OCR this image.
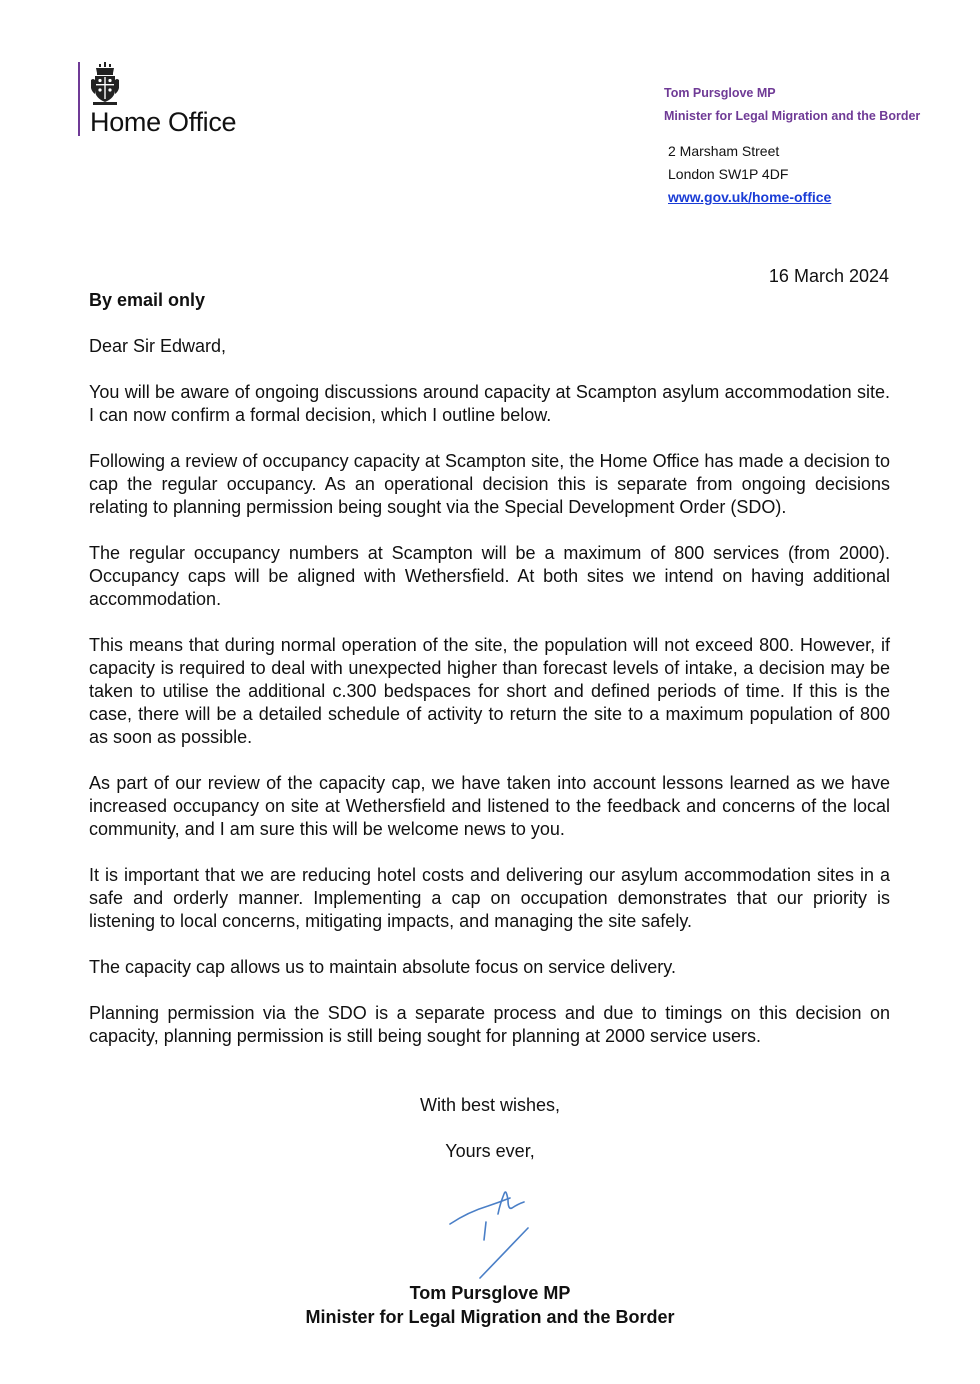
Home Office
Tom Pursglove MP
Minister for Legal Migration and the Border
2 Marsham Street
London SW1P 4DF
www.gov.uk/home-office
16 March 2024

By email only

Dear Sir Edward,

You will be aware of ongoing discussions around capacity at Scampton asylum accommodation site. I can now confirm a formal decision, which I outline below.

Following a review of occupancy capacity at Scampton site, the Home Office has made a decision to cap the regular occupancy. As an operational decision this is separate from ongoing decisions relating to planning permission being sought via the Special Development Order (SDO).

The regular occupancy numbers at Scampton will be a maximum of 800 services (from 2000). Occupancy caps will be aligned with Wethersfield. At both sites we intend on having additional accommodation.

This means that during normal operation of the site, the population will not exceed 800. However, if capacity is required to deal with unexpected higher than forecast levels of intake, a decision may be taken to utilise the additional c.300 bedspaces for short and defined periods of time. If this is the case, there will be a detailed schedule of activity to return the site to a maximum population of 800 as soon as possible.

As part of our review of the capacity cap, we have taken into account lessons learned as we have increased occupancy on site at Wethersfield and listened to the feedback and concerns of the local community, and I am sure this will be welcome news to you.

It is important that we are reducing hotel costs and delivering our asylum accommodation sites in a safe and orderly manner. Implementing a cap on occupation demonstrates that our priority is listening to local concerns, mitigating impacts, and managing the site safely.

The capacity cap allows us to maintain absolute focus on service delivery.

Planning permission via the SDO is a separate process and due to timings on this decision on capacity, planning permission is still being sought for planning at 2000 service users.

With best wishes,
Yours ever,
Tom Pursglove MP
Minister for Legal Migration and the Border
